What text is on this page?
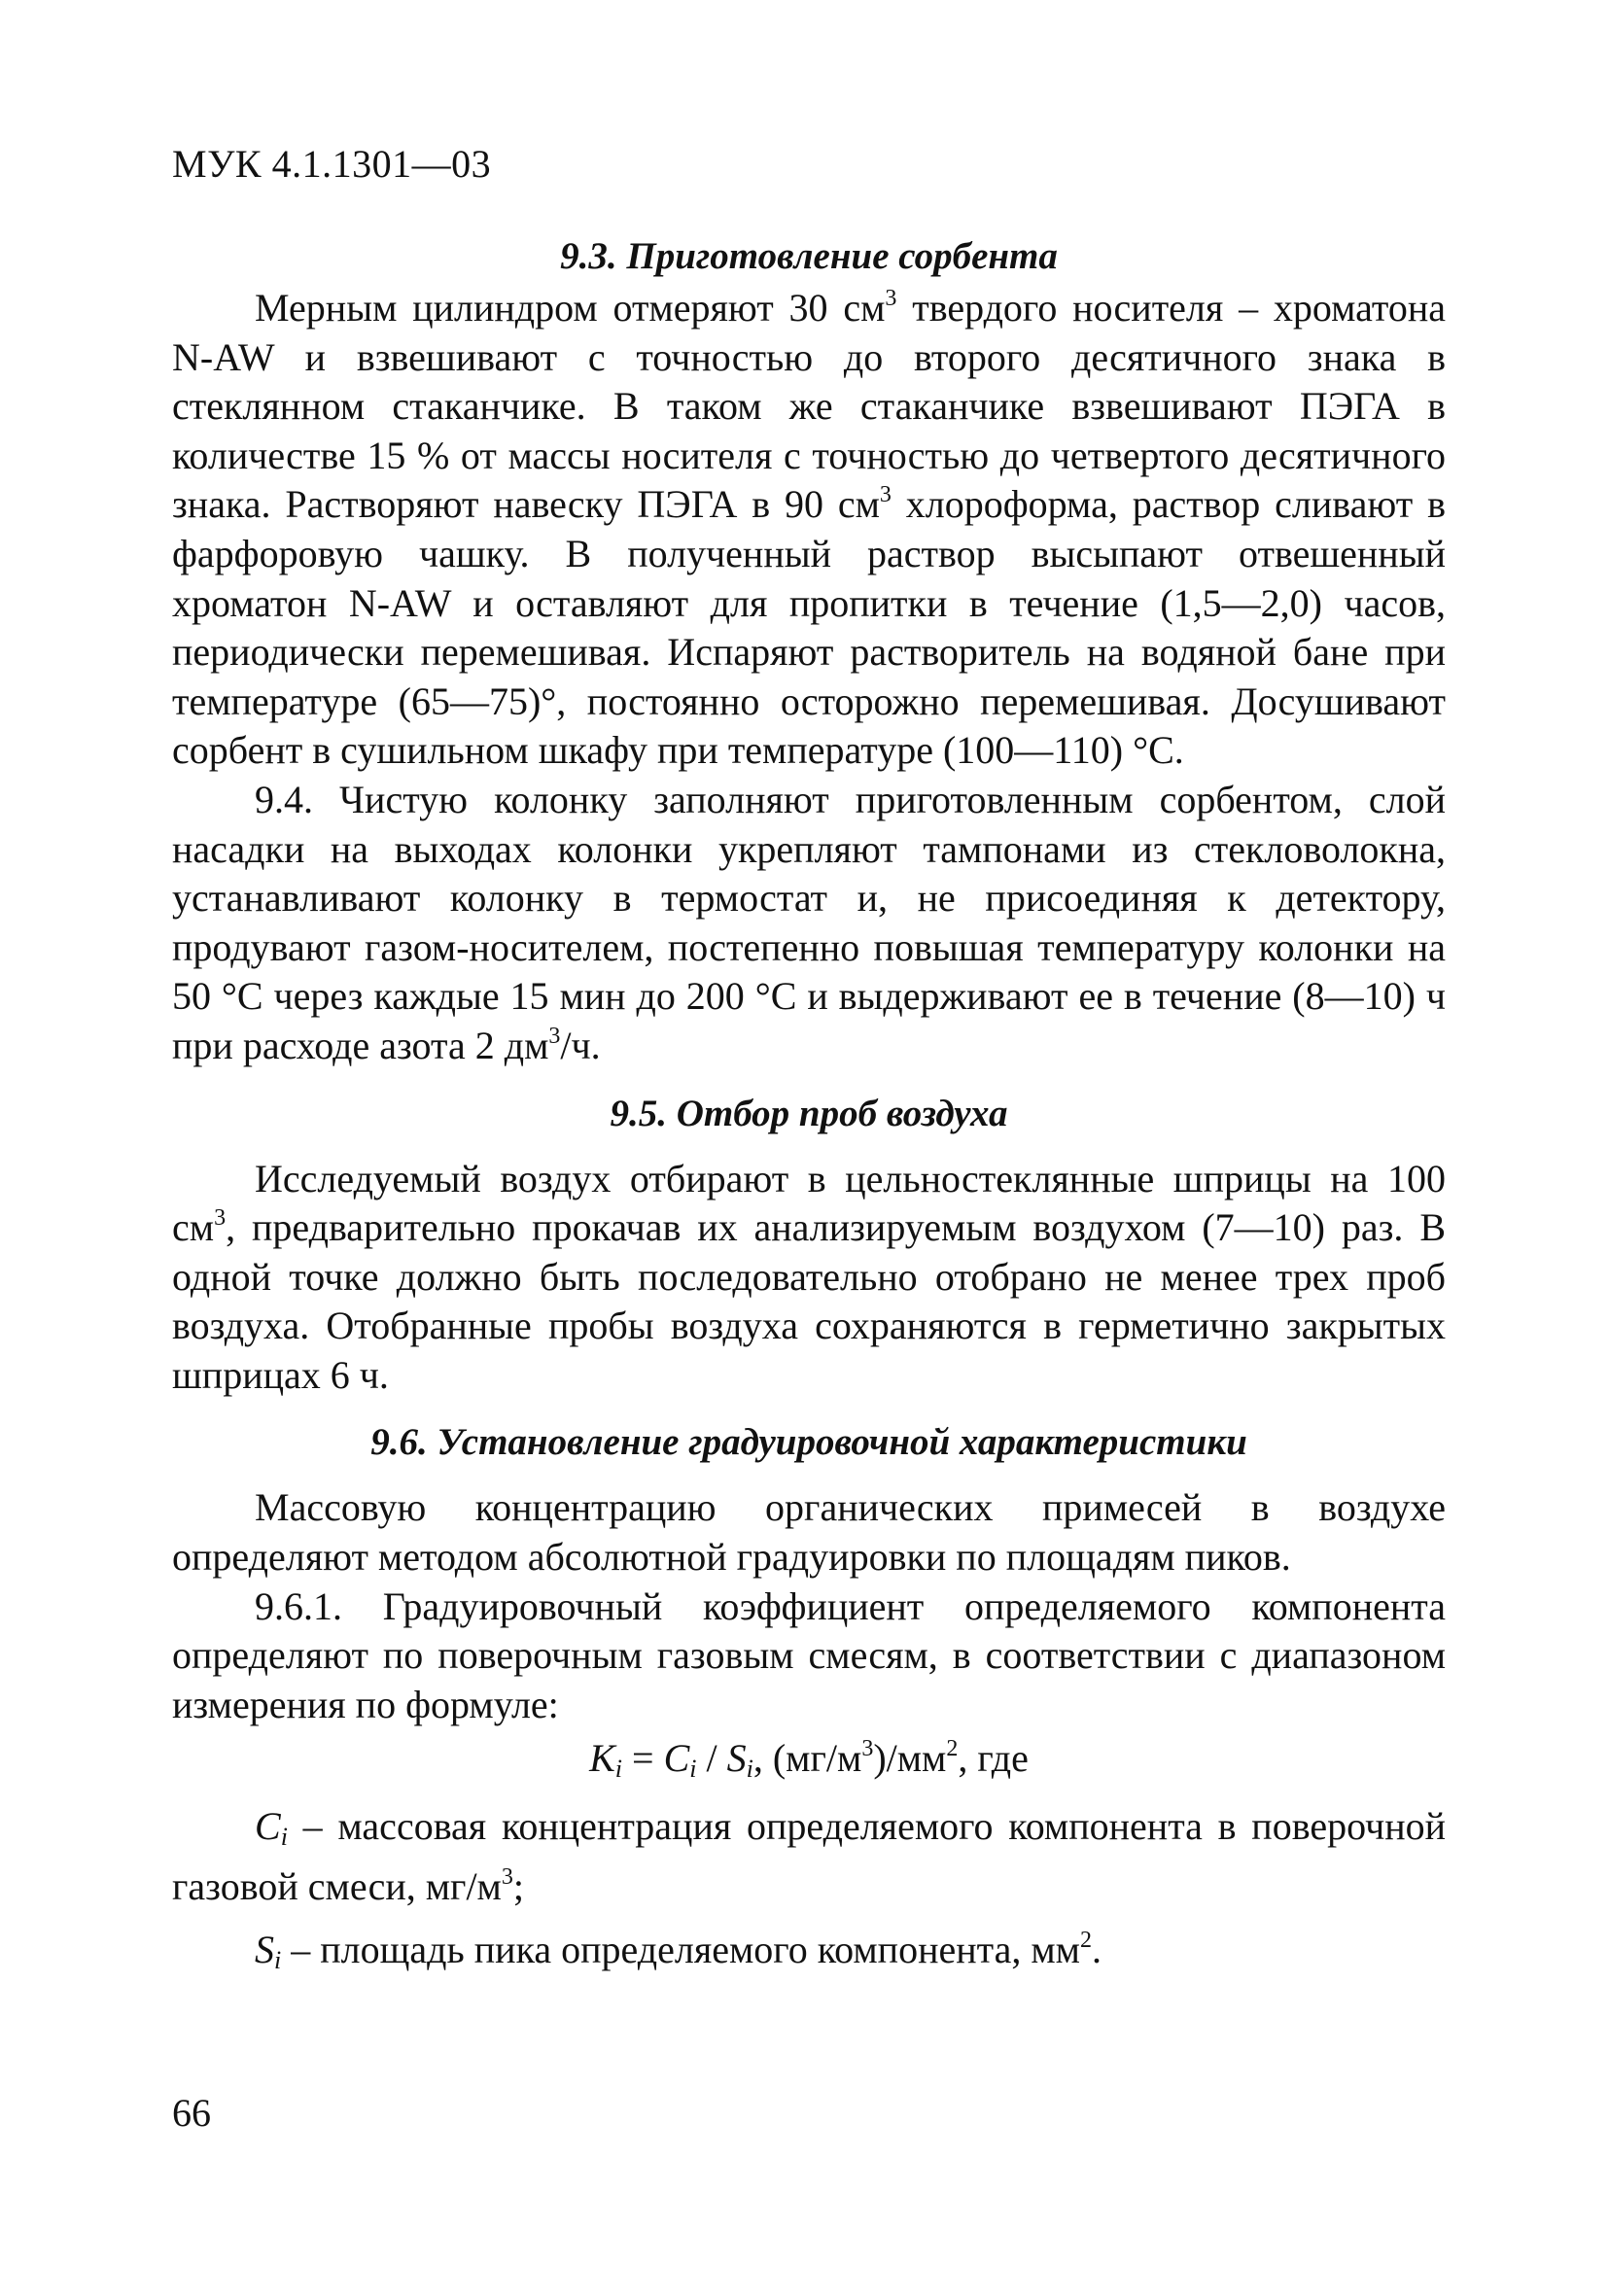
МУК 4.1.1301—03
9.3. Приготовление сорбента

Мерным цилиндром отмеряют 30 $см^3$ твердого носителя – хроматона N-AW и взвешивают с точностью до второго десятичного знака в стеклянном стаканчике. В таком же стаканчике взвешивают ПЭГА в количестве 15 % от массы носителя с точностью до четвертого десятичного знака. Растворяют навеску ПЭГА в 90 $см^3$ хлороформа, раствор сливают в фарфоровую чашку. В полученный раствор высыпают отвешенный хроматон N-AW и оставляют для пропитки в течение (1,5—2,0) часов, периодически перемешивая. Испаряют растворитель на водяной бане при температуре (65—75)°, постоянно осторожно перемешивая. Досушивают сорбент в сушильном шкафу при температуре (100—110) °С.

9.4. Чистую колонку заполняют приготовленным сорбентом, слой насадки на выходах колонки укрепляют тампонами из стекловолокна, устанавливают колонку в термостат и, не присоединяя к детектору, продувают газом-носителем, постепенно повышая температуру колонки на 50 °С через каждые 15 мин до 200 °С и выдерживают ее в течение (8—10) ч при расходе азота 2 $дм^3/ч$.

9.5. Отбор проб воздуха

Исследуемый воздух отбирают в цельностеклянные шприцы на 100 $см^3$, предварительно прокачав их анализируемым воздухом (7—10) раз. В одной точке должно быть последовательно отобрано не менее трех проб воздуха. Отобранные пробы воздуха сохраняются в герметично закрытых шприцах 6 ч.

9.6. Установление градуировочной характеристики

Массовую концентрацию органических примесей в воздухе определяют методом абсолютной градуировки по площадям пиков.

9.6.1. Градуировочный коэффициент определяемого компонента определяют по поверочным газовым смесям, в соответствии с диапазоном измерения по формуле:

$K_i = C_i / S_i$, $(мг/м^3)/мм^2$, где

$C_i$ – массовая концентрация определяемого компонента в поверочной газовой смеси, $мг/м^3$;

$S_i$ – площадь пика определяемого компонента, $мм^2$.

66
